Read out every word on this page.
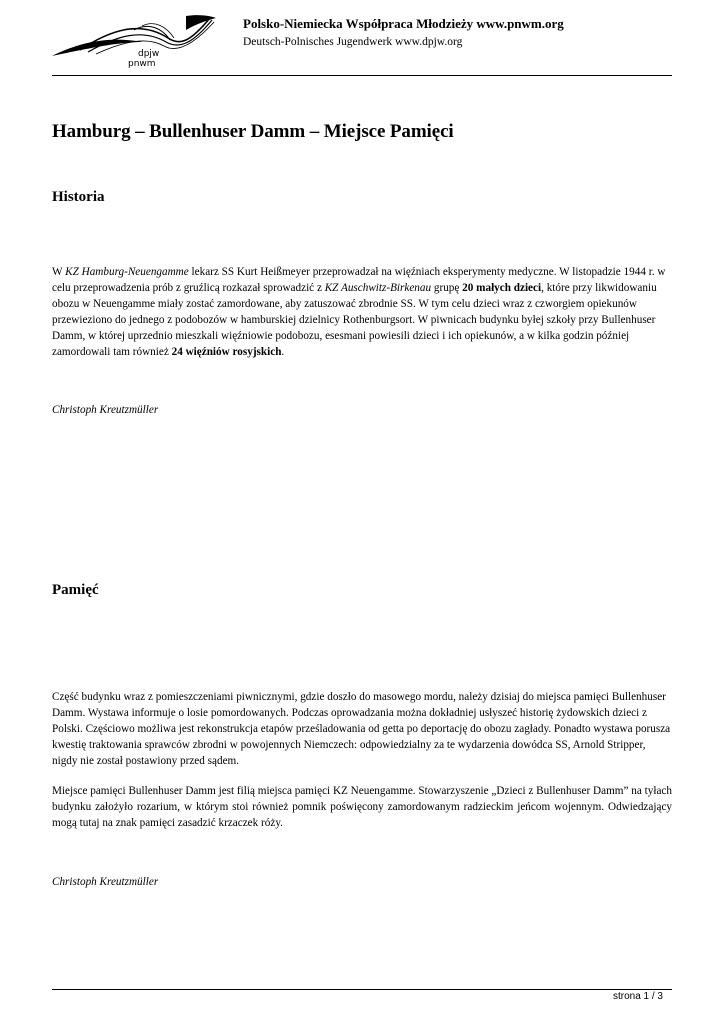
dpjw
pnwm

Polsko-Niemiecka Współpraca Młodzieży www.pnwm.org

Deutsch-Polnisches Jugendwerk www.dpjw.org

Hamburg – Bullenhuser Damm – Miejsce Pamięci
Historia

W KZ Hamburg-Neuengamme lekarz SS Kurt Heißmeyer przeprowadzał na więźniach eksperymenty medyczne. W listopadzie 1944 r. w celu przeprowadzenia prób z gruźlicą rozkazał sprowadzić z KZ Auschwitz-Birkenau grupę 20 małych dzieci, które przy likwidowaniu obozu w Neuengamme miały zostać zamordowane, aby zatuszować zbrodnie SS. W tym celu dzieci wraz z czworgiem opiekunów przewieziono do jednego z podobozów w hamburskiej dzielnicy Rothenburgsort. W piwnicach budynku byłej szkoły przy Bullenhuser Damm, w której uprzednio mieszkali więźniowie podobozu, esesmani powiesili dzieci i ich opiekunów, a w kilka godzin później zamordowali tam również 24 więźniów rosyjskich.

Christoph Kreutzmüller
Pamięć

Część budynku wraz z pomieszczeniami piwnicznymi, gdzie doszło do masowego mordu, należy dzisiaj do miejsca pamięci Bullenhuser Damm. Wystawa informuje o losie pomordowanych. Podczas oprowadzania można dokładniej usłyszeć historię żydowskich dzieci z Polski. Częściowo możliwa jest rekonstrukcja etapów prześladowania od getta po deportację do obozu zagłady. Ponadto wystawa porusza kwestię traktowania sprawców zbrodni w powojennych Niemczech: odpowiedzialny za te wydarzenia dowódca SS, Arnold Stripper, nigdy nie został postawiony przed sądem.

Miejsce pamięci Bullenhuser Damm jest filią miejsca pamięci KZ Neuengamme. Stowarzyszenie „Dzieci z Bullenhuser Damm” na tyłach budynku założyło rozarium, w którym stoi również pomnik poświęcony zamordowanym radzieckim jeńcom wojennym. Odwiedzający mogą tutaj na znak pamięci zasadzić krzaczek róży.

Christoph Kreutzmüller
strona 1 / 3
